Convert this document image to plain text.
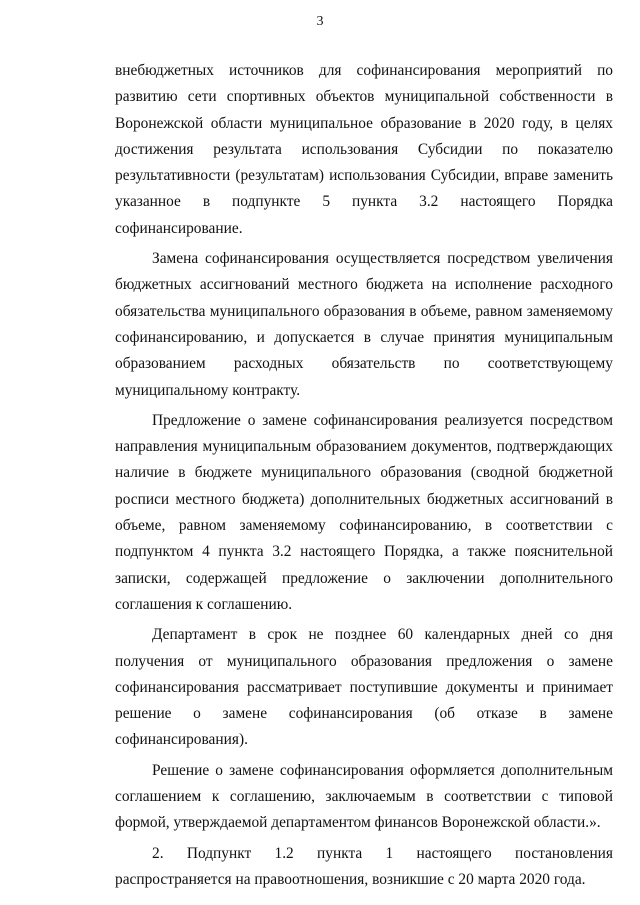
3

внебюджетных источников для софинансирования мероприятий по развитию сети спортивных объектов муниципальной собственности в Воронежской области муниципальное образование в 2020 году, в целях достижения результата использования Субсидии по показателю результативности (результатам) использования Субсидии, вправе заменить указанное в подпункте 5 пункта 3.2 настоящего Порядка софинансирование.

Замена софинансирования осуществляется посредством увеличения бюджетных ассигнований местного бюджета на исполнение расходного обязательства муниципального образования в объеме, равном заменяемому софинансированию, и допускается в случае принятия муниципальным образованием расходных обязательств по соответствующему муниципальному контракту.

Предложение о замене софинансирования реализуется посредством направления муниципальным образованием документов, подтверждающих наличие в бюджете муниципального образования (сводной бюджетной росписи местного бюджета) дополнительных бюджетных ассигнований в объеме, равном заменяемому софинансированию, в соответствии с подпунктом 4 пункта 3.2 настоящего Порядка, а также пояснительной записки, содержащей предложение о заключении дополнительного соглашения к соглашению.

Департамент в срок не позднее 60 календарных дней со дня получения от муниципального образования предложения о замене софинансирования рассматривает поступившие документы и принимает решение о замене софинансирования (об отказе в замене софинансирования).

Решение о замене софинансирования оформляется дополнительным соглашением к соглашению, заключаемым в соответствии с типовой формой, утверждаемой департаментом финансов Воронежской области.».

2. Подпункт 1.2 пункта 1 настоящего постановления распространяется на правоотношения, возникшие с 20 марта 2020 года.
